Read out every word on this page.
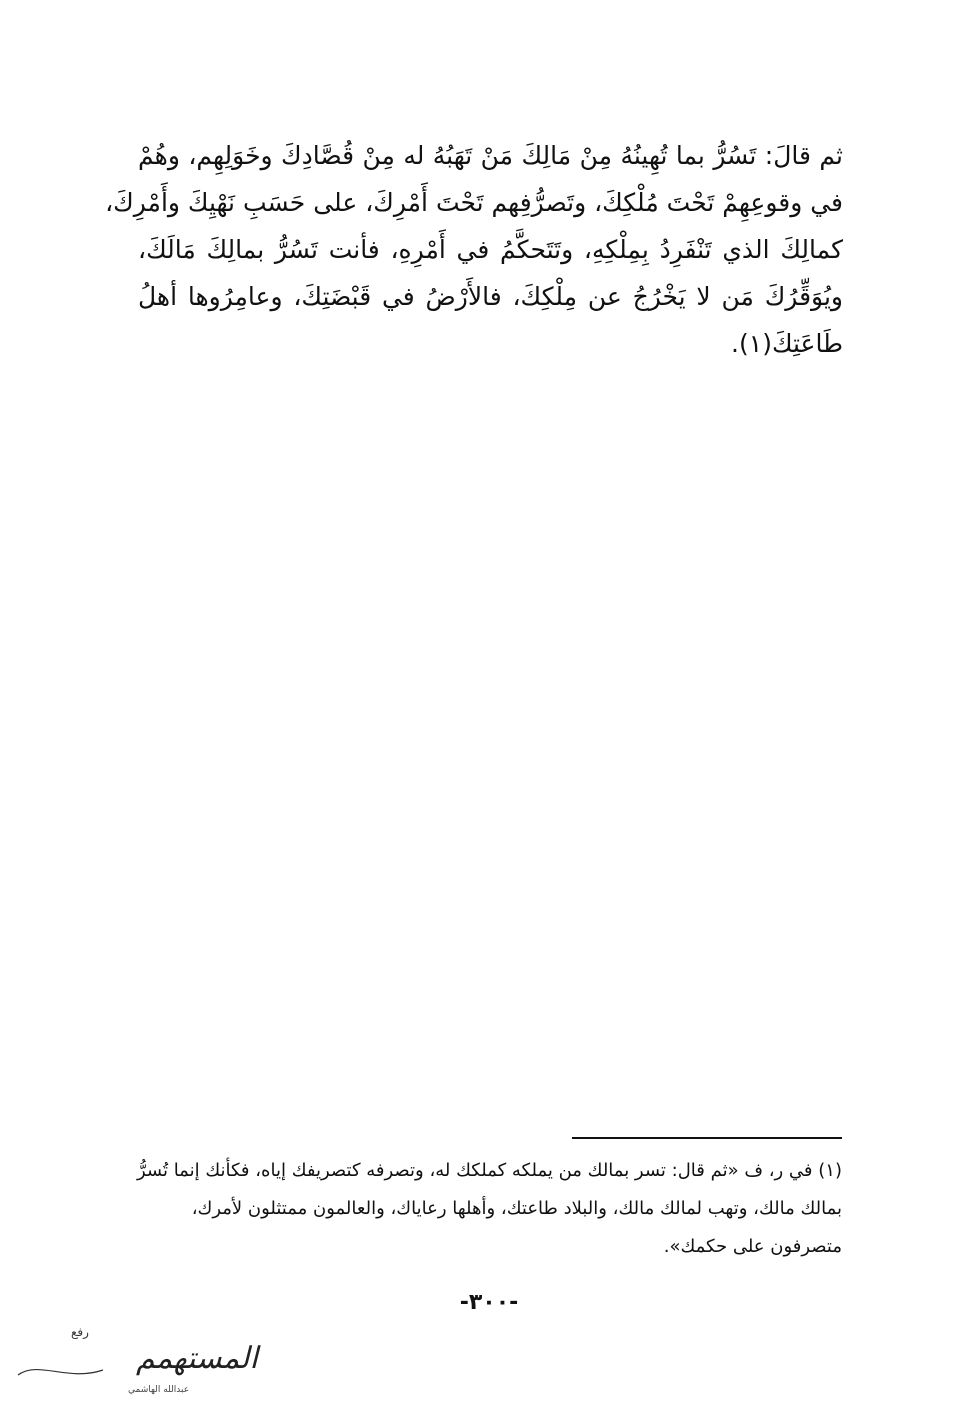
ثم قالَ: تَسُرُّ بما تُهِينُهُ مِنْ مَالِكَ مَنْ تَهَبُهُ له مِنْ قُصَّادِكَ وخَوَلِهِم، وهُمْ
في وقوعِهِمْ تَحْتَ مُلْكِكَ، وتَصرُّفِهم تَحْتَ أَمْرِكَ، على حَسَبِ نَهْيِكَ وأَمْرِكَ،
كمالِكَ الذي تَنْفَرِدُ بِمِلْكِهِ، وتَتَحكَّمُ في أَمْرِهِ، فأنت تَسُرُّ بمالِكَ مَالَكَ،
ويُوَقِّرُكَ مَن لا يَخْرُجُ عن مِلْكِكَ، فالأَرْضُ في قَبْضَتِكَ، وعامِرُوها أهلُ
طَاعَتِكَ(١).
(١) في ر، ف «ثم قال: تسر بمالك من يملكه كملكك له، وتصرفه كتصريفك إياه، فكأنك إنما تُسرُّ
بمالك مالك، وتهب لمالك مالك، والبلاد طاعتك، وأهلها رعاياك، والعالمون ممتثلون لأمرك،
متصرفون على حكمك».
-٣٠٠-
المستهمم
رفع
عبدالله الهاشمي
